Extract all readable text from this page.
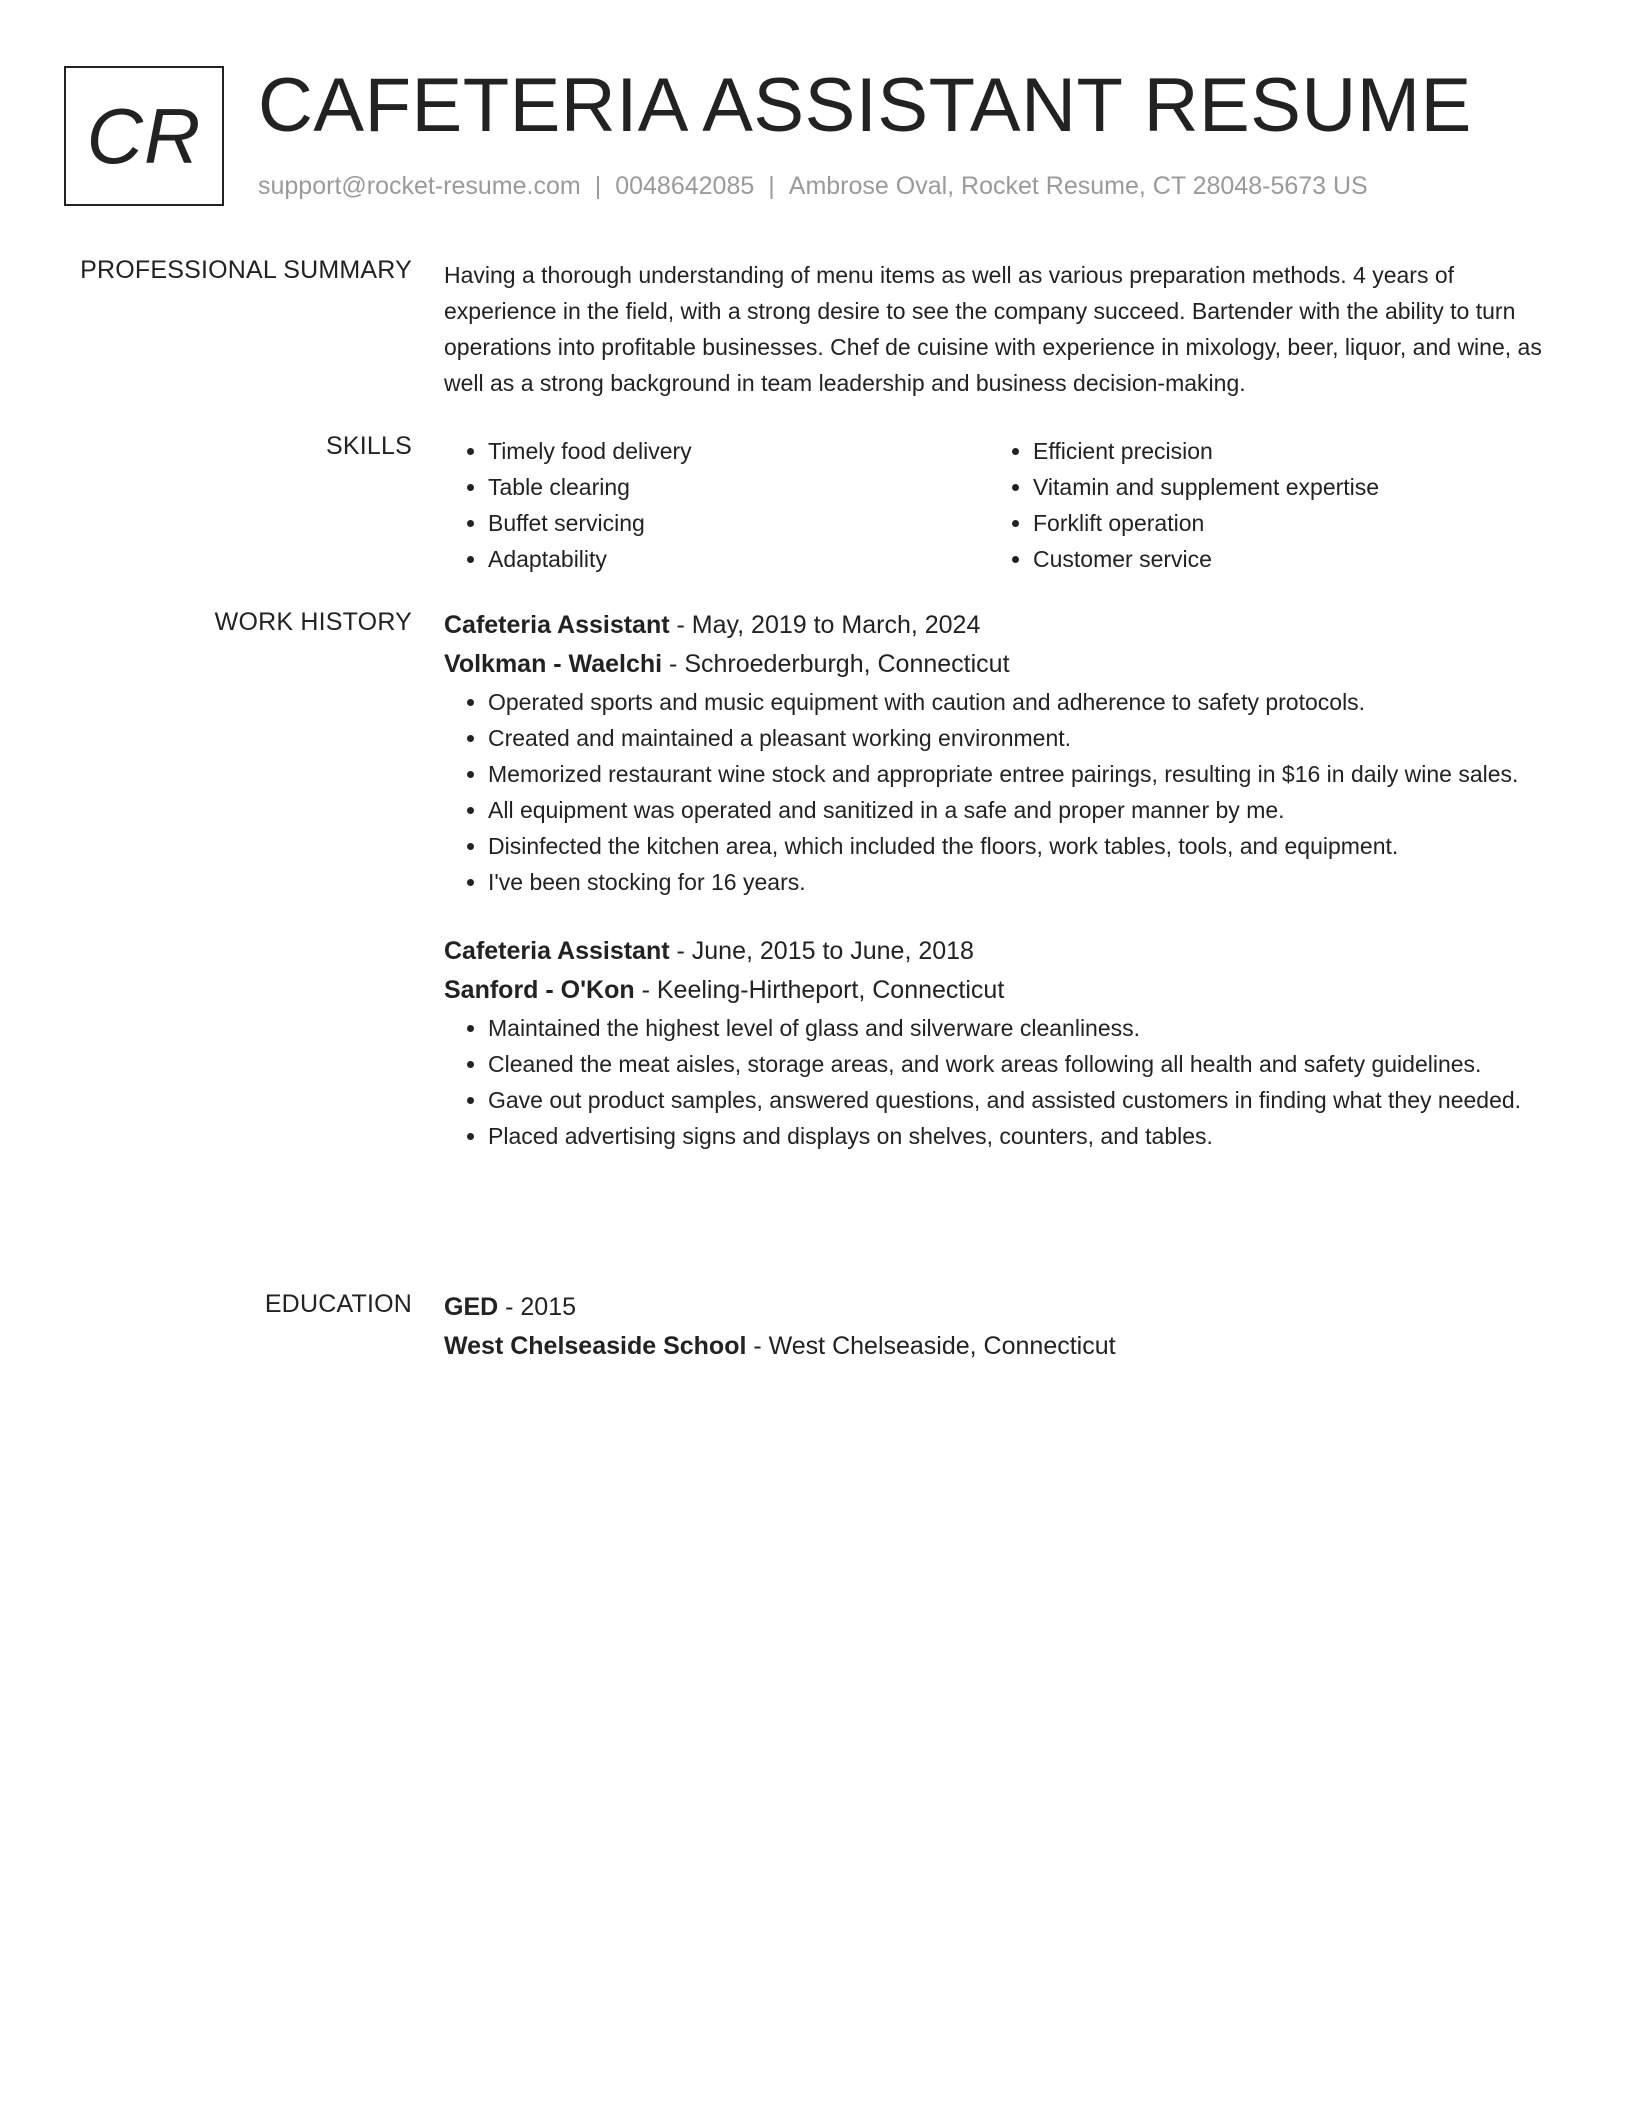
CR CAFETERIA ASSISTANT RESUME
support@rocket-resume.com | 0048642085 | Ambrose Oval, Rocket Resume, CT 28048-5673 US
PROFESSIONAL SUMMARY Having a thorough understanding of menu items as well as various preparation methods. 4 years of experience in the field, with a strong desire to see the company succeed. Bartender with the ability to turn operations into profitable businesses. Chef de cuisine with experience in mixology, beer, liquor, and wine, as well as a strong background in team leadership and business decision-making.

SKILLS
•	Timely food delivery
• Table clearing
• Buffet servicing
• Adaptability
• Efficient precision
• Vitamin and supplement expertise
• Forklift operation
• Customer service
WORK HISTORY Cafeteria Assistant - May, 2019 to March, 2024
Volkman - Waelchi - Schroederburgh, Connecticut
• Operated sports and music equipment with caution and adherence to safety protocols.
• Created and maintained a pleasant working environment.
• Memorized restaurant wine stock and appropriate entree pairings, resulting in $16 in daily wine sales.
• All equipment was operated and sanitized in a safe and proper manner by me.
• Disinfected the kitchen area, which included the floors, work tables, tools, and equipment.
• I've been stocking for 16 years.
Cafeteria Assistant - June, 2015 to June, 2018
Sanford - O'Kon - Keeling-Hirtheport, Connecticut
• Maintained the highest level of glass and silverware cleanliness.
• Cleaned the meat aisles, storage areas, and work areas following all health and safety guidelines.
• Gave out product samples, answered questions, and assisted customers in finding what they needed.
• Placed advertising signs and displays on shelves, counters, and tables.
EDUCATION GED - 2015
West Chelseaside School - West Chelseaside, Connecticut
